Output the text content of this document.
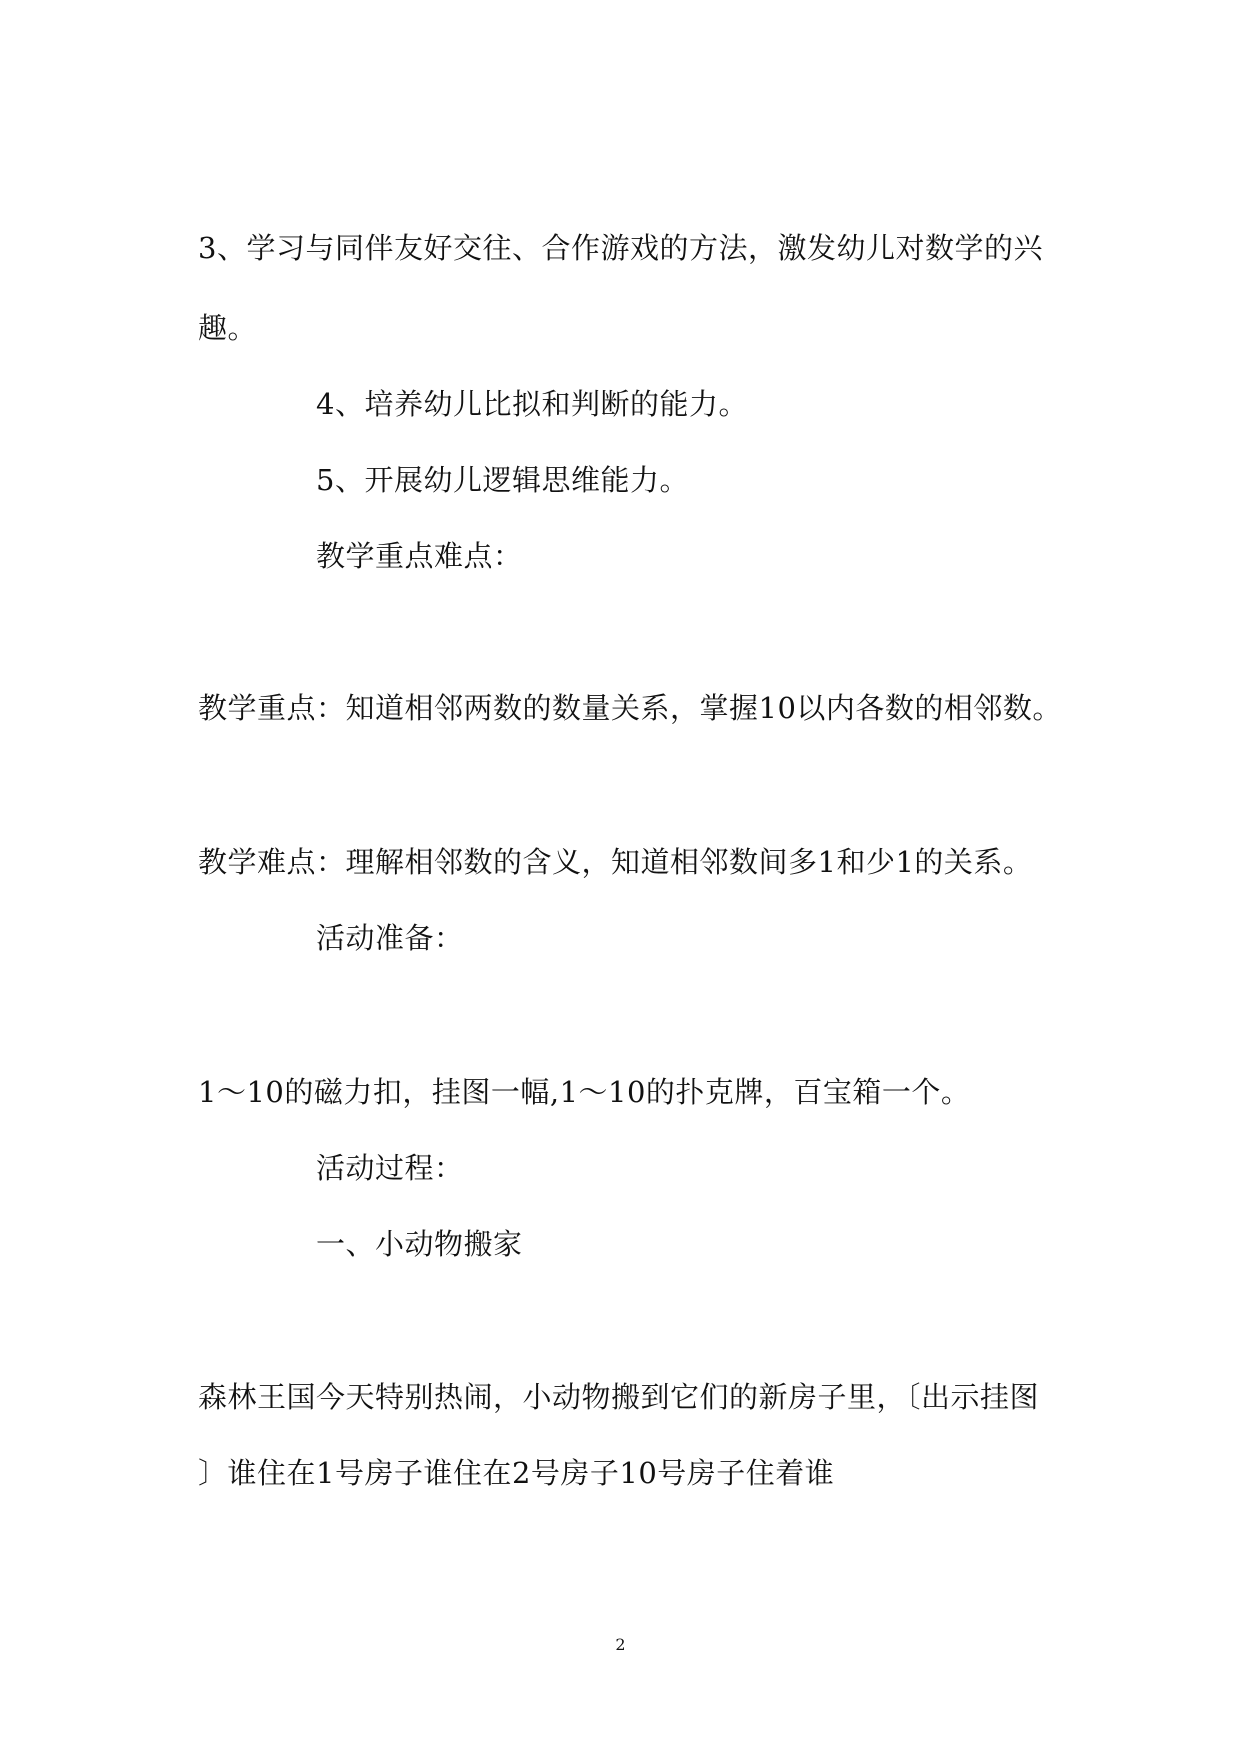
3、学习与同伴友好交往、合作游戏的方法，激发幼儿对数学的兴
趣。
4、培养幼儿比拟和判断的能力。
5、开展幼儿逻辑思维能力。
教学重点难点：
教学重点：知道相邻两数的数量关系，掌握10以内各数的相邻数。
教学难点：理解相邻数的含义，知道相邻数间多1和少1的关系。
活动准备：
1～10的磁力扣，挂图一幅,1～10的扑克牌，百宝箱一个。
活动过程：
一、小动物搬家
森林王国今天特别热闹，小动物搬到它们的新房子里，〔出示挂图
〕谁住在1号房子谁住在2号房子10号房子住着谁
2
